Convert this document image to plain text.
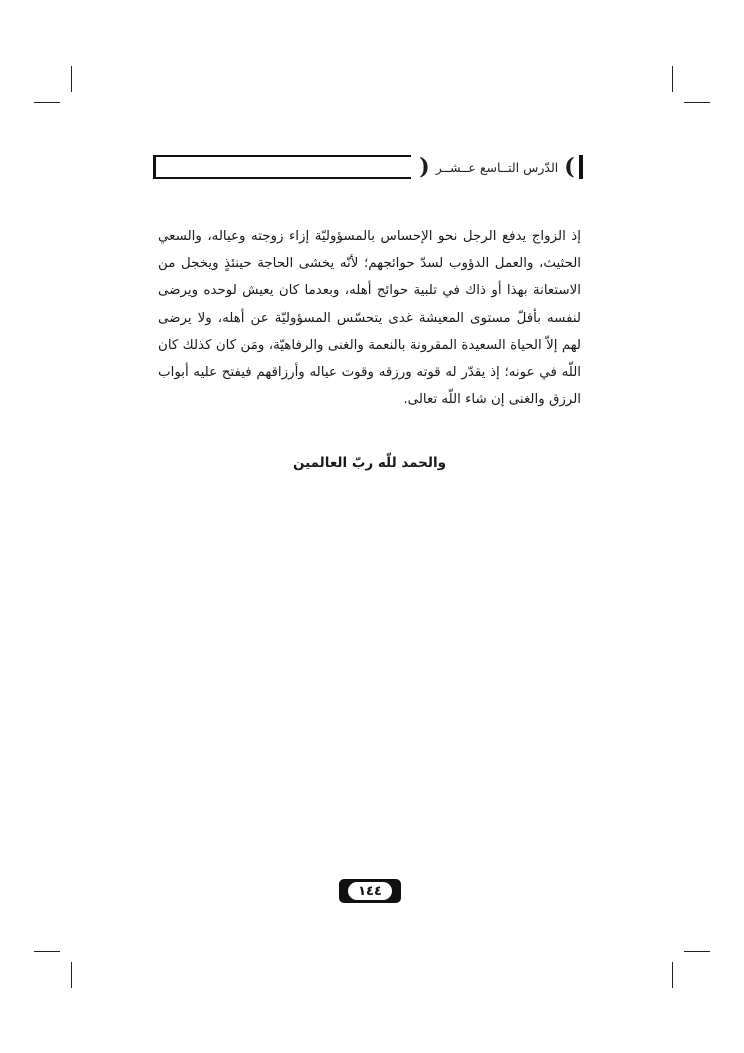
)
الدّرس التــاسع عــشــر
(

إذ الزواج يدفع الرجل نحو الإحساس بالمسؤوليّة إزاء زوجته وعياله، والسعي الحثيث، والعمل الدؤوب لسدّ حوائجهم؛ لأنّه يخشى الحاجة حينئذٍ ويخجل من الاستعانة بهذا أو ذاك في تلبية حوائج أهله، وبعدما كان يعيش لوحده ويرضى لنفسه بأقلّ مستوى المعيشة غدى يتحسّس المسؤوليّة عن أهله، ولا يرضى لهم إلاّ الحياة السعيدة المقرونة بالنعمة والغنى والرفاهيّة، ومَن كان كذلك كان اللّه في عونه؛ إذ يقدّر له قوته ورزقه وقوت عياله وأرزاقهم فيفتح عليه أبواب الرزق والغنى إن شاء اللّه تعالى.

والحمد للّه ربّ العالمين
١٤٤
